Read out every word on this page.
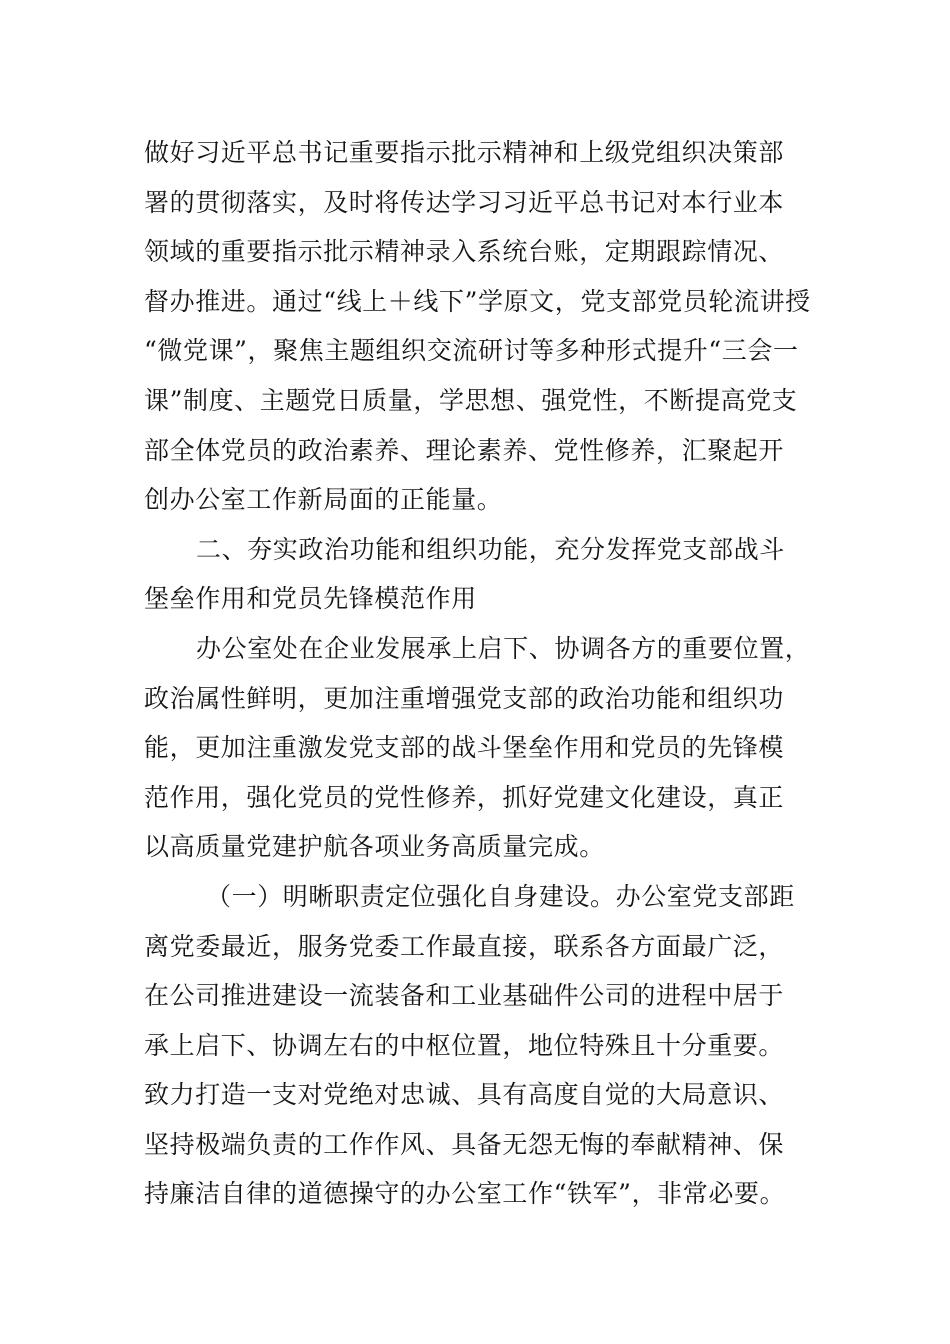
做好习近平总书记重要指示批示精神和上级党组织决策部
署的贯彻落实，及时将传达学习习近平总书记对本行业本
领域的重要指示批示精神录入系统台账，定期跟踪情况、
督办推进。通过“线上＋线下”学原文，党支部党员轮流讲授
“微党课”，聚焦主题组织交流研讨等多种形式提升“三会一
课”制度、主题党日质量，学思想、强党性，不断提高党支
部全体党员的政治素养、理论素养、党性修养，汇聚起开
创办公室工作新局面的正能量。
二、夯实政治功能和组织功能，充分发挥党支部战斗
堡垒作用和党员先锋模范作用
办公室处在企业发展承上启下、协调各方的重要位置，
政治属性鲜明，更加注重增强党支部的政治功能和组织功
能，更加注重激发党支部的战斗堡垒作用和党员的先锋模
范作用，强化党员的党性修养，抓好党建文化建设，真正
以高质量党建护航各项业务高质量完成。
（一）明晰职责定位强化自身建设。办公室党支部距
离党委最近，服务党委工作最直接，联系各方面最广泛，
在公司推进建设一流装备和工业基础件公司的进程中居于
承上启下、协调左右的中枢位置，地位特殊且十分重要。
致力打造一支对党绝对忠诚、具有高度自觉的大局意识、
坚持极端负责的工作作风、具备无怨无悔的奉献精神、保
持廉洁自律的道德操守的办公室工作“铁军”，非常必要。
